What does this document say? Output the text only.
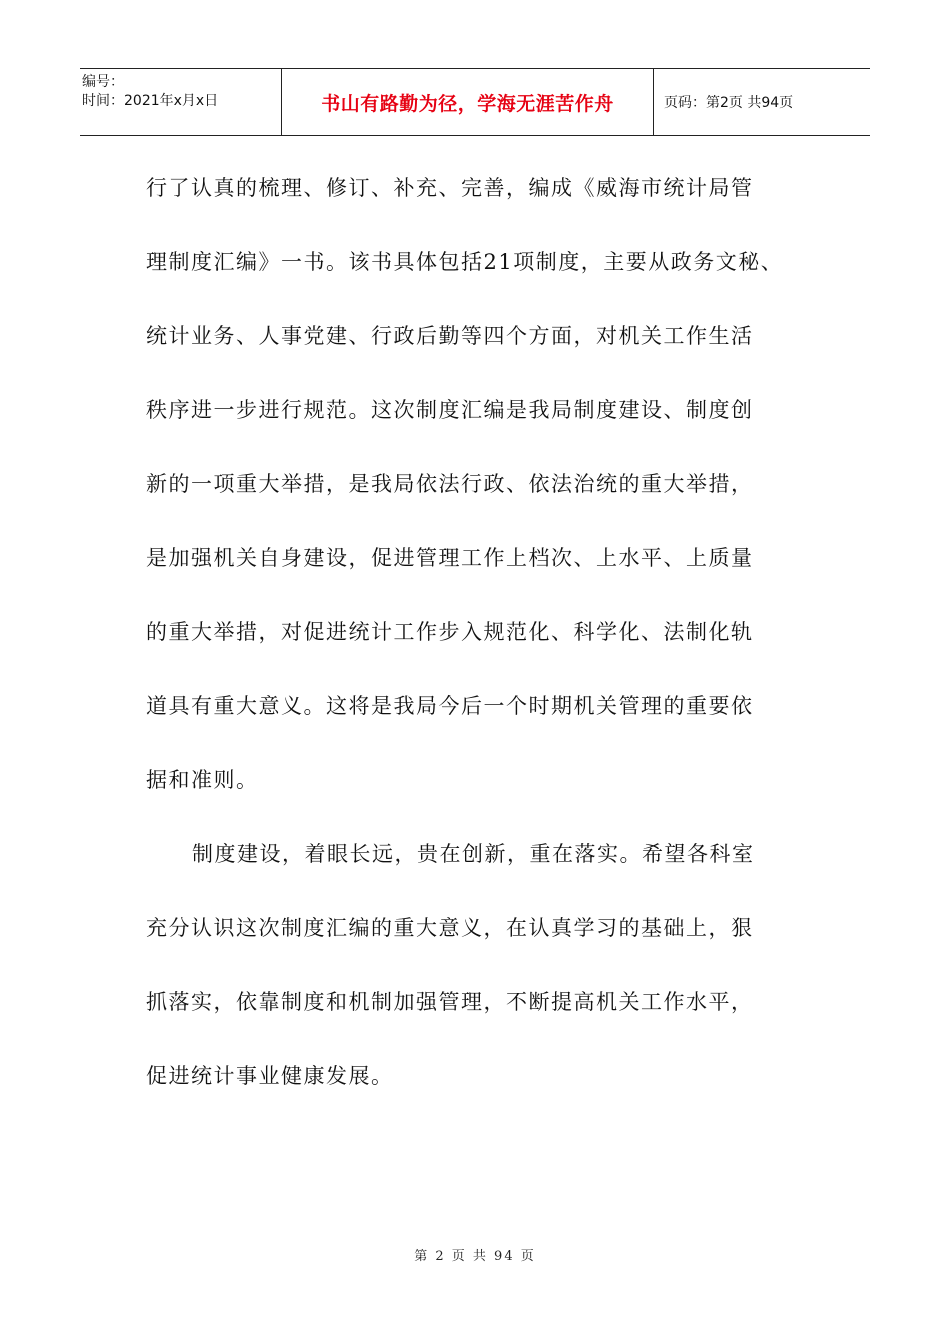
编号：
时间：2021年x月x日	书山有路勤为径，学海无涯苦作舟	页码：第2页 共94页
行了认真的梳理、修订、补充、完善，编成《威海市统计局管
理制度汇编》一书。该书具体包括21项制度，主要从政务文秘、
统计业务、人事党建、行政后勤等四个方面，对机关工作生活
秩序进一步进行规范。这次制度汇编是我局制度建设、制度创
新的一项重大举措，是我局依法行政、依法治统的重大举措，
是加强机关自身建设，促进管理工作上档次、上水平、上质量
的重大举措，对促进统计工作步入规范化、科学化、法制化轨
道具有重大意义。这将是我局今后一个时期机关管理的重要依
据和准则。
制度建设，着眼长远，贵在创新，重在落实。希望各科室
充分认识这次制度汇编的重大意义，在认真学习的基础上，狠
抓落实，依靠制度和机制加强管理，不断提高机关工作水平，
促进统计事业健康发展。
第 2 页 共 94 页
